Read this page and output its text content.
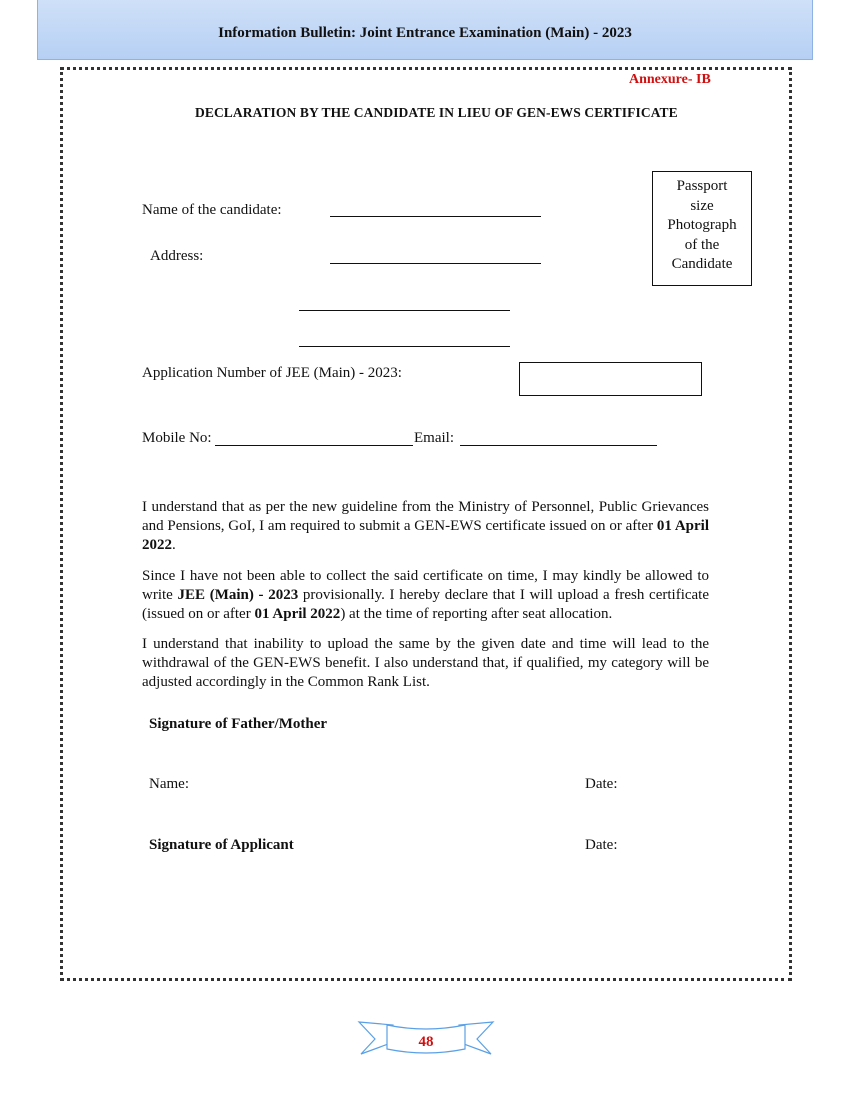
Information Bulletin: Joint Entrance Examination (Main) - 2023
Annexure- IB
DECLARATION BY THE CANDIDATE IN LIEU OF GEN-EWS CERTIFICATE
Name of the candidate:
Address:
Passport
size
Photograph
of the
Candidate
Application Number of JEE (Main) - 2023:
Mobile No:	Email:
I understand that as per the new guideline from the Ministry of Personnel, Public Grievances and Pensions, GoI, I am required to submit a GEN-EWS certificate issued on or after 01 April 2022.
Since I have not been able to collect the said certificate on time, I may kindly be allowed to write JEE (Main) - 2023 provisionally. I hereby declare that I will upload a fresh certificate (issued on or after 01 April 2022) at the time of reporting after seat allocation.
I understand that inability to upload the same by the given date and time will lead to the withdrawal of the GEN-EWS benefit. I also understand that, if qualified, my category will be adjusted accordingly in the Common Rank List.
Signature of Father/Mother
Name:	Date:
Signature of Applicant	Date:
48
